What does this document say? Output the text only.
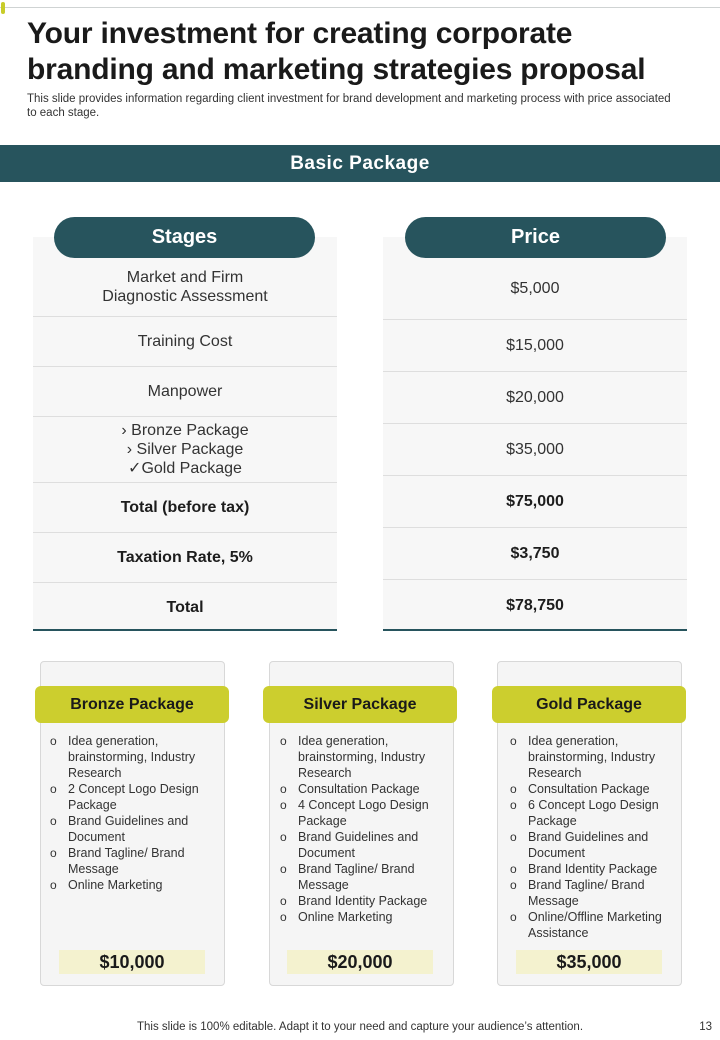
Your investment for creating corporate branding and marketing strategies proposal

This slide provides information regarding client investment for brand development and marketing process with price associated to each stage.

Basic Package
Stages	Price
Market and Firm
Diagnostic Assessment
Training Cost
Manpower
› Bronze Package
› Silver Package
✓Gold Package
Total (before tax)
Taxation Rate, 5%
Total
$5,000
$15,000
$20,000
$35,000
$75,000
$3,750
$78,750
Bronze Package
o Idea generation, brainstorming, Industry Research
o 2 Concept Logo Design Package
o Brand Guidelines and Document
o Brand Tagline/ Brand Message
o Online Marketing
$10,000
Silver Package
o Idea generation, brainstorming, Industry Research
o Consultation Package
o 4 Concept Logo Design Package
o Brand Guidelines and Document
o Brand Tagline/ Brand Message
o Brand Identity Package
o Online Marketing
$20,000
Gold Package
o Idea generation, brainstorming, Industry Research
o Consultation Package
o 6 Concept Logo Design Package
o Brand Guidelines and Document
o Brand Identity Package
o Brand Tagline/ Brand Message
o Online/Offline Marketing Assistance
$35,000
This slide is 100% editable. Adapt it to your need and capture your audience’s attention.	13
